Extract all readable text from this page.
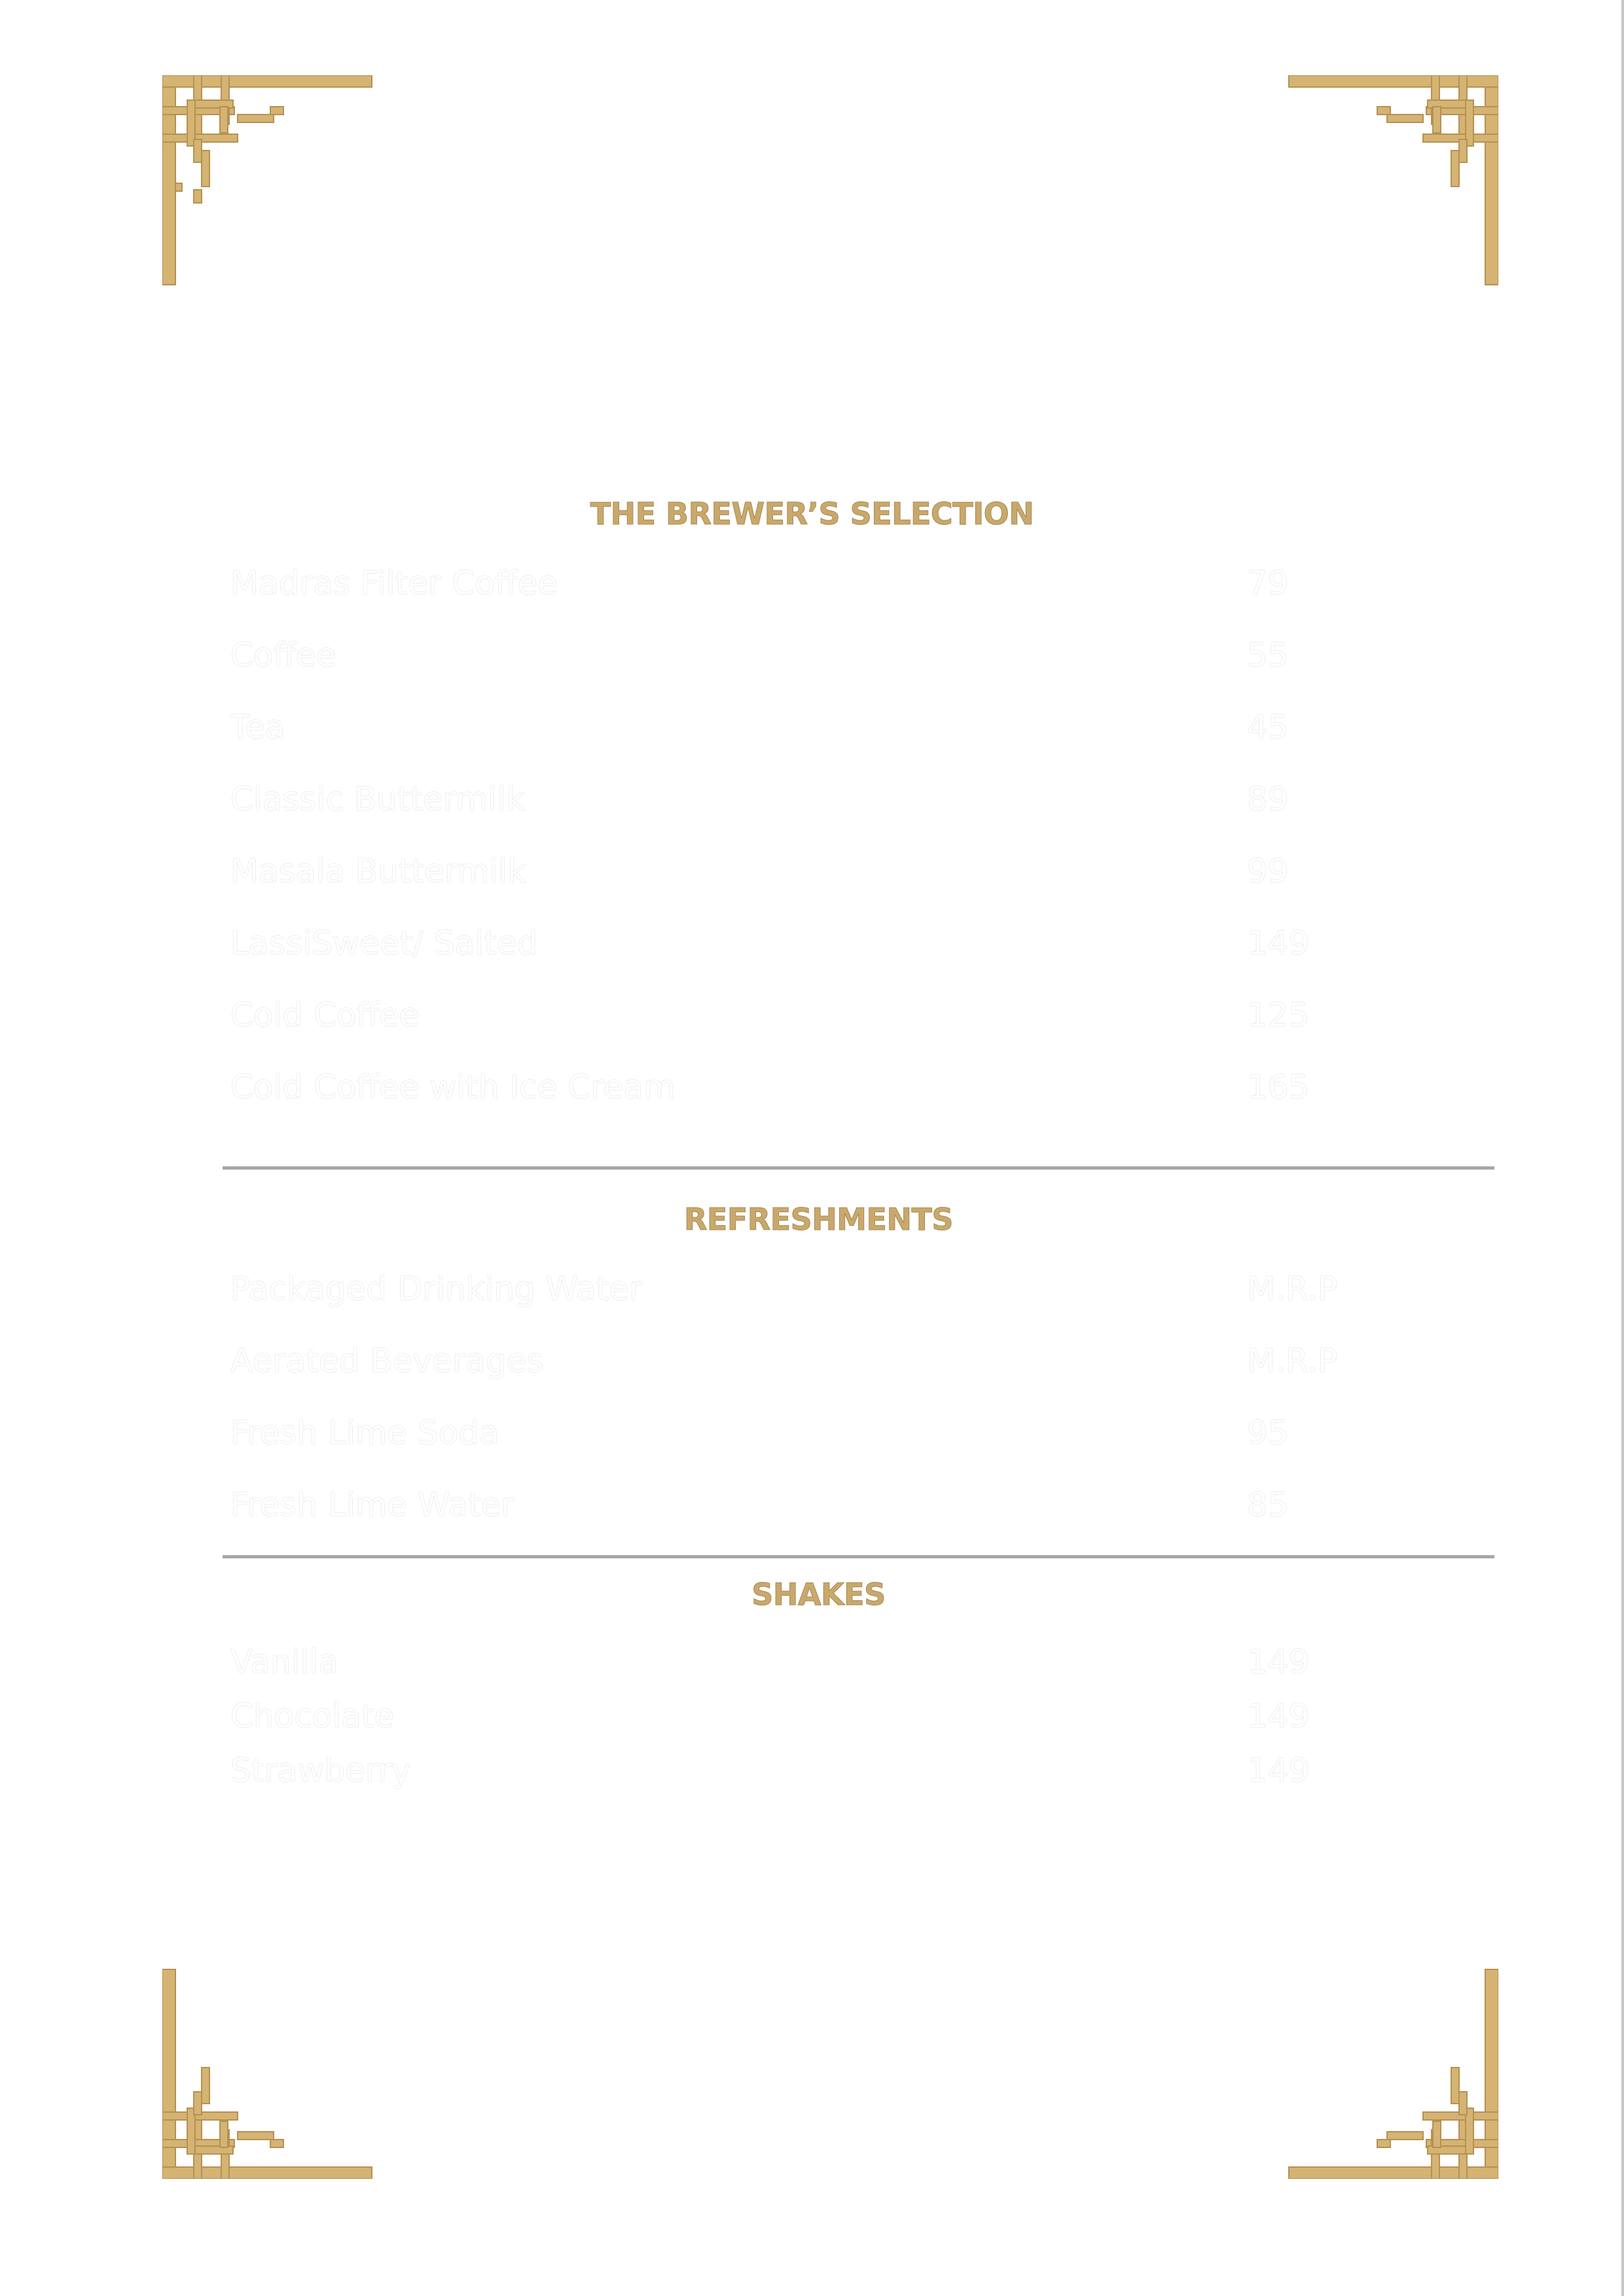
THE BREWER’S SELECTION
Madras Filter Coffee	79
Coffee	55
Tea	45
Classic Buttermilk	89
Masala Buttermilk	99
LassiSweet/ Salted	149
Cold Coffee	125
Cold Coffee with Ice Cream	165
REFRESHMENTS
Packaged Drinking Water	M.R.P
Aerated Beverages	M.R.P
Fresh Lime Soda	95
Fresh Lime Water	85
SHAKES
Vanilla	149
Chocolate	149
Strawberry	149
